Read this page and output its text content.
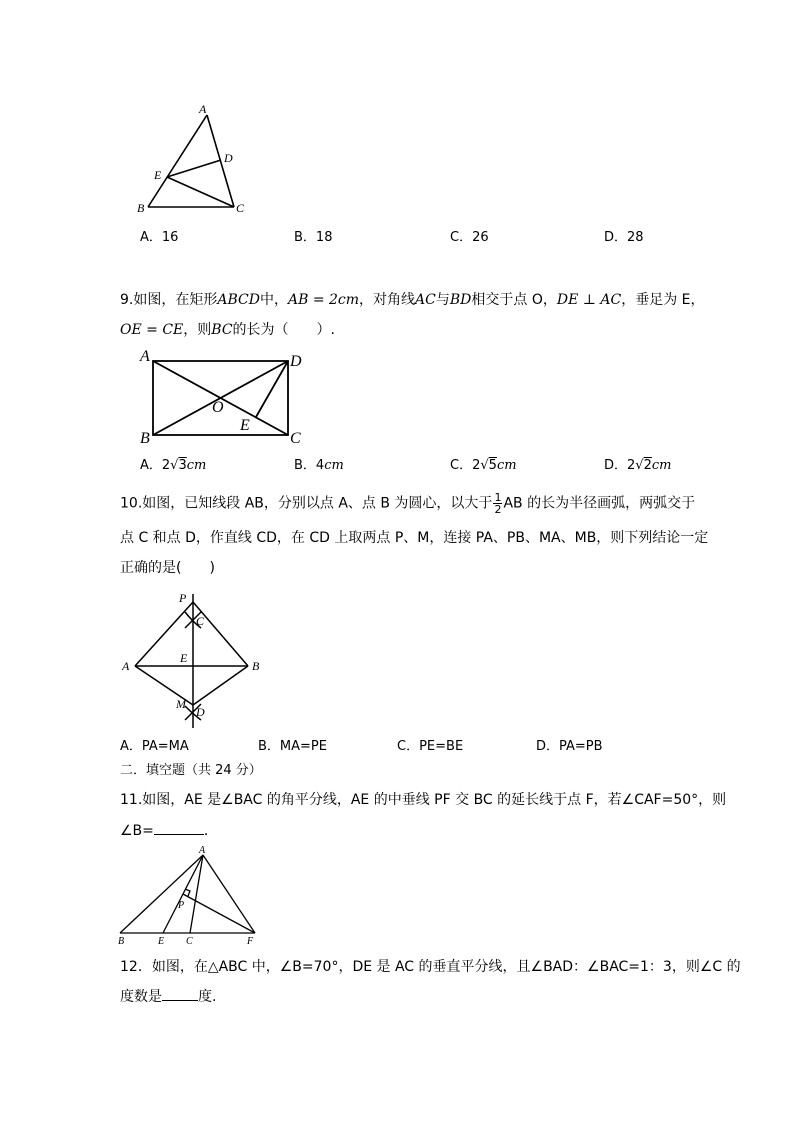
A
D
E
B	C
A．16	B．18	C．26	D．28
9.如图，在矩形ABCD中，AB = 2cm，对角线AC与BD相交于点 O，DE ⊥ AC，垂足为 E，
OE = CE，则BC的长为（　　）.
A	D
O
E
B	C
A．2√3cm	B．4cm	C．2√5cm	D．2√2cm
10.如图，已知线段 AB，分别以点 A、点 B 为圆心，以大于 $\frac{1}{2}$ AB 的长为半径画弧，两弧交于
点 C 和点 D，作直线 CD，在 CD 上取两点 P、M，连接 PA、PB、MA、MB，则下列结论一定
正确的是(　　)
P
C
A
E
B
M
D
A．PA=MA	B．MA=PE	C．PE=BE	D．PA=PB
二．填空题（共 24 分）
11.如图，AE 是∠BAC 的角平分线，AE 的中垂线 PF 交 BC 的延长线于点 F，若∠CAF=50°，则
∠B=	．
A
P
B	E C	F
12．如图，在△ABC 中，∠B=70°，DE 是 AC 的垂直平分线，且∠BAD：∠BAC=1：3，则∠C 的
度数是	度.
